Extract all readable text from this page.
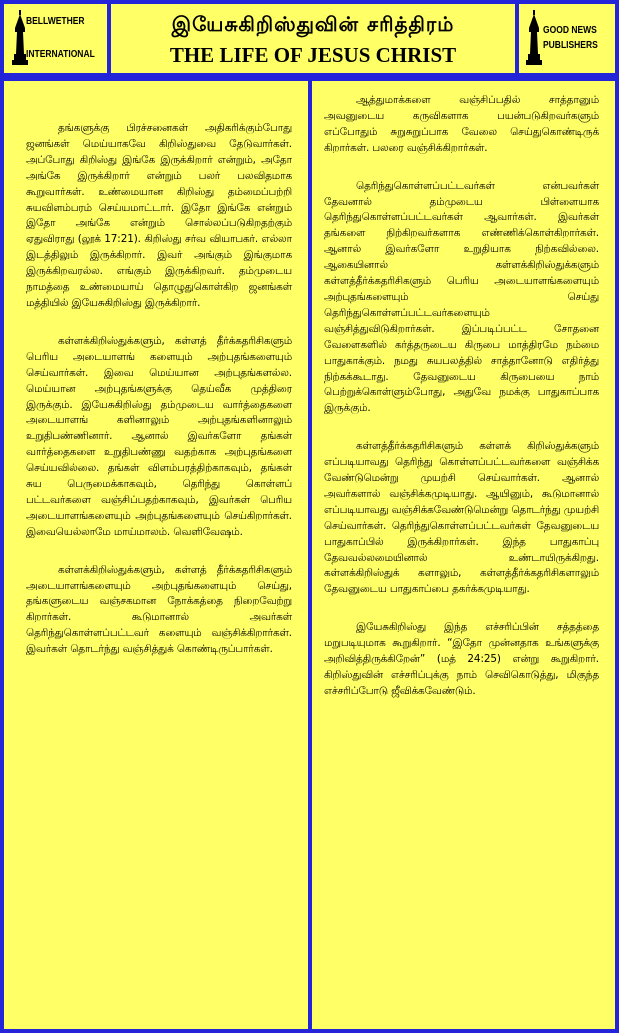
BELLWETHER
INTERNATIONAL
இயேசுகிறிஸ்துவின் சரித்திரம்
THE LIFE OF JESUS CHRIST
GOOD NEWS
PUBLISHERS

தங்களுக்கு பிரச்சனைகள் அதிகரிக்கும்போது ஜனங்கள் மெய்யாகவே கிறிஸ்துவை தேடுவார்கள். அப்போது கிறிஸ்து இங்கே இருக்கிறார் என்றும், அதோ அங்கே இருக்கிறார் என்றும் பலர் பலவிதமாக கூறுவார்கள். உண்மையான கிறிஸ்து தம்மைப்பற்றி சுயவிளம்பரம் செய்யமாட்டார். இதோ இங்கே என்றும் இதோ அங்கே என்றும் சொல்லப்படுகிறதற்கும் ஏதுவிராது (லூக் 17:21). கிறிஸ்து சர்வ வியாபகர். எல்லா இடத்திலும் இருக்கிறார். இவர் அங்கும் இங்குமாக இருக்கிறவரல்ல. எங்கும் இருக்கிறவர். தம்முடைய நாமத்தை உண்மையாய் தொழுதுகொள்கிற ஜனங்கள் மத்தியில் இயேசுகிறிஸ்து இருக்கிறார்.

கள்ளக்கிறிஸ்துக்களும், கள்ளத் தீர்க்கதரிசிகளும் பெரிய அடையாளங் களையும் அற்புதங்களையும் செய்வார்கள். இவை மெய்யான அற்புதங்களல்ல. மெய்யான அற்புதங்களுக்கு தெய்வீக முத்திரை இருக்கும். இயேசுகிறிஸ்து தம்முடைய வார்த்தைகளை அடையாளங் களினாலும் அற்புதங்களினாலும் உறுதிபண்ணினார். ஆனால் இவர்களோ தங்கள் வார்த்தைகளை உறுதிபண்ணு வதற்காக அற்புதங்களை செய்யவில்லை. தங்கள் விளம்பரத்திற்காகவும், தங்கள் சுய பெருமைக்காகவும், தெரிந்து கொள்ளப் பட்டவர்களை வஞ்சிப்பதற்காகவும், இவர்கள் பெரிய அடையாளங்களையும் அற்புதங்களையும் செய்கிறார்கள். இவையெல்லாமே மாய்மாலம். வெளிவேஷம்.

கள்ளக்கிறிஸ்துக்களும், கள்ளத் தீர்க்கதரிசிகளும் அடையாளங்களையும் அற்புதங்களையும் செய்து, தங்களுடைய வஞ்சகமான நோக்கத்தை நிறைவேற்று கிறார்கள். கூடுமானால் அவர்கள் தெரிந்துகொள்ளப்பட்டவர் களையும் வஞ்சிக்கிறார்கள். இவர்கள் தொடர்ந்து வஞ்சித்துக் கொண்டிருப்பார்கள்.

ஆத்துமாக்களை வஞ்சிப்பதில் சாத்தானும் அவனுடைய கருவிகளாக பயன்படுகிறவர்களும் எப்போதும் சுறுசுறுப்பாக வேலை செய்துகொண்டிருக் கிறார்கள். பலரை வஞ்சிக்கிறார்கள்.

தெரிந்துகொள்ளப்பட்டவர்கள் என்பவர்கள் தேவனால் தம்முடைய பிள்ளையாக தெரிந்துகொள்ளப்பட்டவர்கள் ஆவார்கள். இவர்கள் தங்களை நிற்கிறவர்களாக எண்ணிக்கொள்கிறார்கள். ஆனால் இவர்களோ உறுதியாக நிற்கவில்லை. ஆகையினால் கள்ளக்கிறிஸ்துக்களும் கள்ளத்தீர்க்கதரிசிகளும் பெரிய அடையாளங்களையும் அற்புதங்களையும் செய்து தெரிந்துகொள்ளப்பட்டவர்களையும் வஞ்சித்துவிடுகிறார்கள். இப்படிப்பட்ட சோதனை வேளைகளில் கர்த்தருடைய கிருபை மாத்திரமே நம்மை பாதுகாக்கும். நமது சுயபலத்தில் சாத்தானோடு எதிர்த்து நிற்கக்கூடாது. தேவனுடைய கிருபையை நாம் பெற்றுக்கொள்ளும்போது, அதுவே நமக்கு பாதுகாப்பாக இருக்கும்.

கள்ளத்தீர்க்கதரிசிகளும் கள்ளக் கிறிஸ்துக்களும் எப்படியாவது தெரிந்து கொள்ளப்பட்டவர்களை வஞ்சிக்க வேண்டுமென்று முயற்சி செய்வார்கள். ஆனால் அவர்களால் வஞ்சிக்கமுடியாது. ஆயினும், கூடுமானால் எப்படியாவது வஞ்சிக்கவேண்டுமென்று தொடர்ந்து முயற்சி செய்வார்கள். தெரிந்துகொள்ளப்பட்டவர்கள் தேவனுடைய பாதுகாப்பில் இருக்கிறார்கள். இந்த பாதுகாப்பு தேவவல்லமையினால் உண்டாயிருக்கிறது. கள்ளக்கிறிஸ்துக் களாலும், கள்ளத்தீர்க்கதரிசிகளாலும் தேவனுடைய பாதுகாப்பை தகர்க்கமுடியாது.

இயேசுகிறிஸ்து இந்த எச்சரிப்பின் சத்தத்தை மறுபடியுமாக கூறுகிறார். “இதோ முன்னதாக உங்களுக்கு அறிவித்திருக்கிறேன்” (மத் 24:25) என்று கூறுகிறார். கிறிஸ்துவின் எச்சரிப்புக்கு நாம் செவிகொடுத்து, மிகுந்த எச்சரிப்போடு ஜீவிக்கவேண்டும்.
